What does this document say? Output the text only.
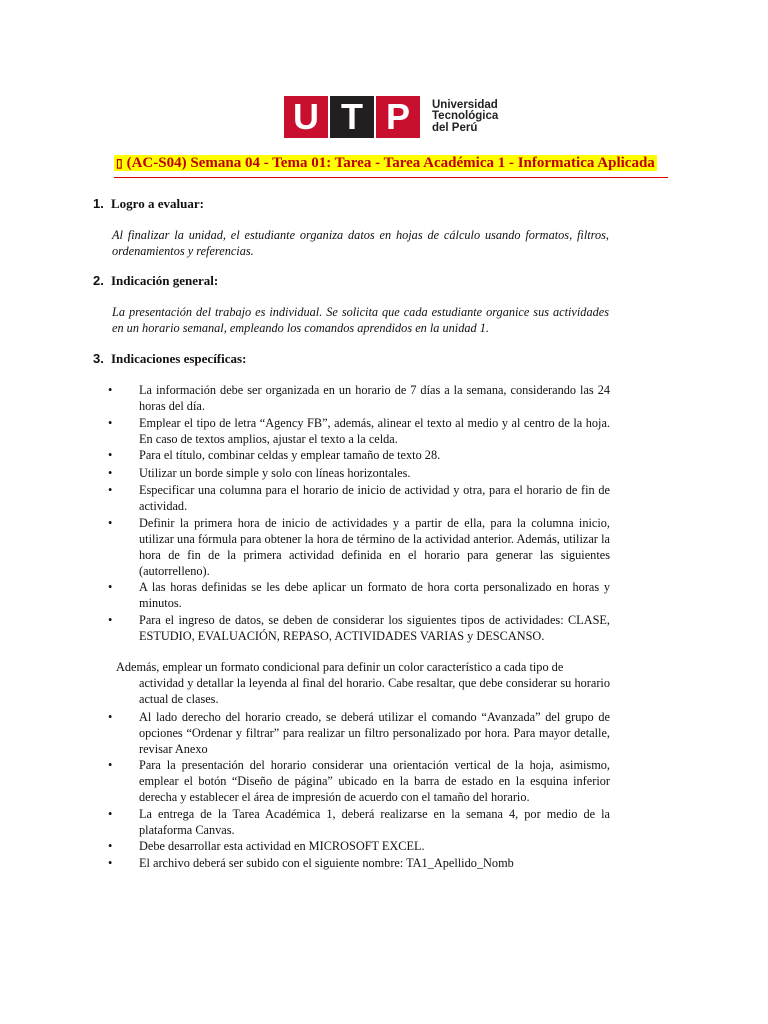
U T P	Universidad
Tecnológica
del Perú
▯ (AC-S04) Semana 04 - Tema 01: Tarea - Tarea Académica 1 - Informatica Aplicada
1. Logro a evaluar:
Al finalizar la unidad, el estudiante organiza datos en hojas de cálculo usando formatos, filtros, ordenamientos y referencias.
2. Indicación general:
La presentación del trabajo es individual. Se solicita que cada estudiante organice sus actividades en un horario semanal, empleando los comandos aprendidos en la unidad 1.
3. Indicaciones específicas:
• La información debe ser organizada en un horario de 7 días a la semana, considerando las 24 horas del día.
• Emplear el tipo de letra “Agency FB”, además, alinear el texto al medio y al centro de la hoja. En caso de textos amplios, ajustar el texto a la celda.
• Para el título, combinar celdas y emplear tamaño de texto 28.
• Utilizar un borde simple y solo con líneas horizontales.
• Especificar una columna para el horario de inicio de actividad y otra, para el horario de fin de actividad.
• Definir la primera hora de inicio de actividades y a partir de ella, para la columna inicio, utilizar una fórmula para obtener la hora de término de la actividad anterior. Además, utilizar la hora de fin de la primera actividad definida en el horario para generar las siguientes (autorrelleno).
• A las horas definidas se les debe aplicar un formato de hora corta personalizado en horas y minutos.
• Para el ingreso de datos, se deben de considerar los siguientes tipos de actividades: CLASE, ESTUDIO, EVALUACIÓN, REPASO, ACTIVIDADES VARIAS y DESCANSO.
Además, emplear un formato condicional para definir un color característico a cada tipo de
actividad y detallar la leyenda al final del horario. Cabe resaltar, que debe considerar su horario actual de clases.
• Al lado derecho del horario creado, se deberá utilizar el comando “Avanzada” del grupo de opciones “Ordenar y filtrar” para realizar un filtro personalizado por hora. Para mayor detalle, revisar Anexo
• Para la presentación del horario considerar una orientación vertical de la hoja, asimismo, emplear el botón “Diseño de página” ubicado en la barra de estado en la esquina inferior derecha y establecer el área de impresión de acuerdo con el tamaño del horario.
• La entrega de la Tarea Académica 1, deberá realizarse en la semana 4, por medio de la plataforma Canvas.
• Debe desarrollar esta actividad en MICROSOFT EXCEL.
• El archivo deberá ser subido con el siguiente nombre: TA1_Apellido_Nomb
